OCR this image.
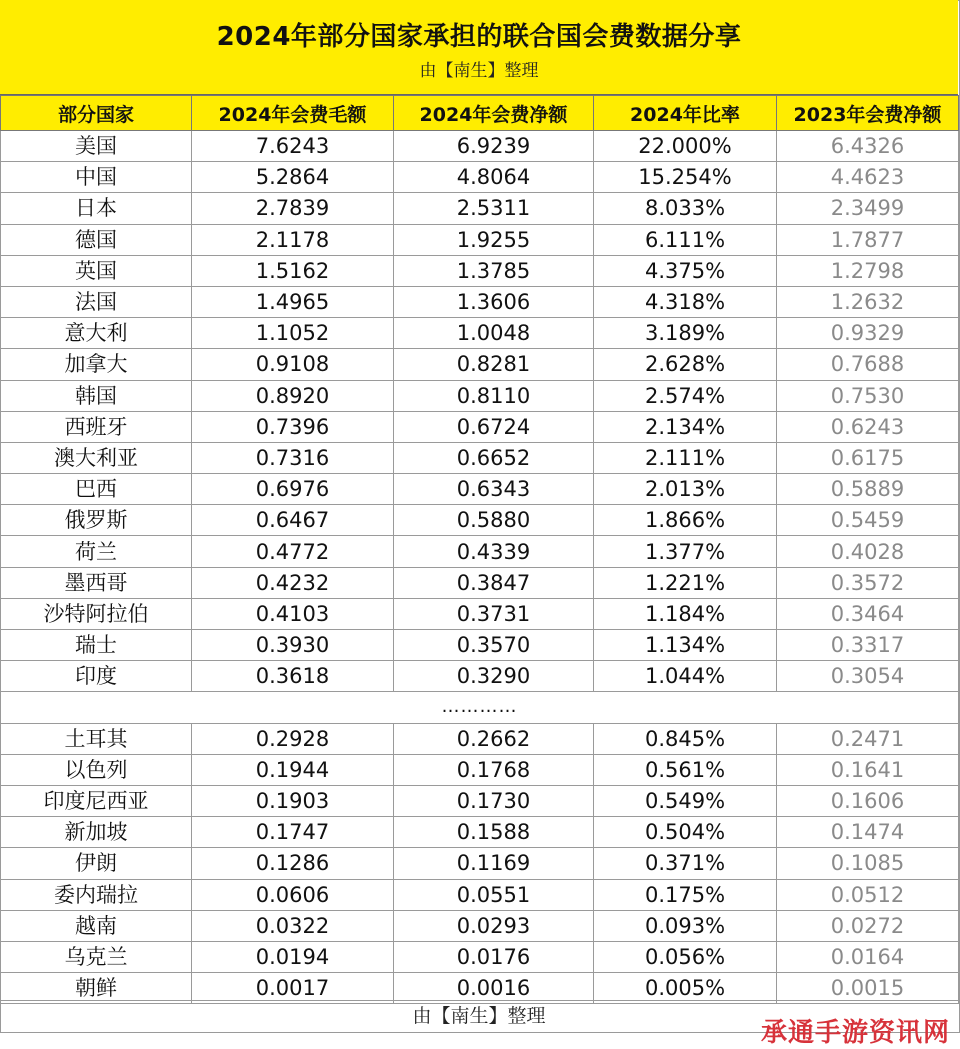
2024年部分国家承担的联合国会费数据分享
由【南生】整理
部分国家	2024年会费毛额	2024年会费净额	2024年比率	2023年会费净额
美国	7.6243	6.9239	22.000%	6.4326
中国	5.2864	4.8064	15.254%	4.4623
日本	2.7839	2.5311	8.033%	2.3499
德国	2.1178	1.9255	6.111%	1.7877
英国	1.5162	1.3785	4.375%	1.2798
法国	1.4965	1.3606	4.318%	1.2632
意大利	1.1052	1.0048	3.189%	0.9329
加拿大	0.9108	0.8281	2.628%	0.7688
韩国	0.8920	0.8110	2.574%	0.7530
西班牙	0.7396	0.6724	2.134%	0.6243
澳大利亚	0.7316	0.6652	2.111%	0.6175
巴西	0.6976	0.6343	2.013%	0.5889
俄罗斯	0.6467	0.5880	1.866%	0.5459
荷兰	0.4772	0.4339	1.377%	0.4028
墨西哥	0.4232	0.3847	1.221%	0.3572
沙特阿拉伯	0.4103	0.3731	1.184%	0.3464
瑞士	0.3930	0.3570	1.134%	0.3317
印度	0.3618	0.3290	1.044%	0.3054
…………				
土耳其	0.2928	0.2662	0.845%	0.2471
以色列	0.1944	0.1768	0.561%	0.1641
印度尼西亚	0.1903	0.1730	0.549%	0.1606
新加坡	0.1747	0.1588	0.504%	0.1474
伊朗	0.1286	0.1169	0.371%	0.1085
委内瑞拉	0.0606	0.0551	0.175%	0.0512
越南	0.0322	0.0293	0.093%	0.0272
乌克兰	0.0194	0.0176	0.056%	0.0164
朝鲜	0.0017	0.0016	0.005%	0.0015
由【南生】整理
承通手游资讯网
